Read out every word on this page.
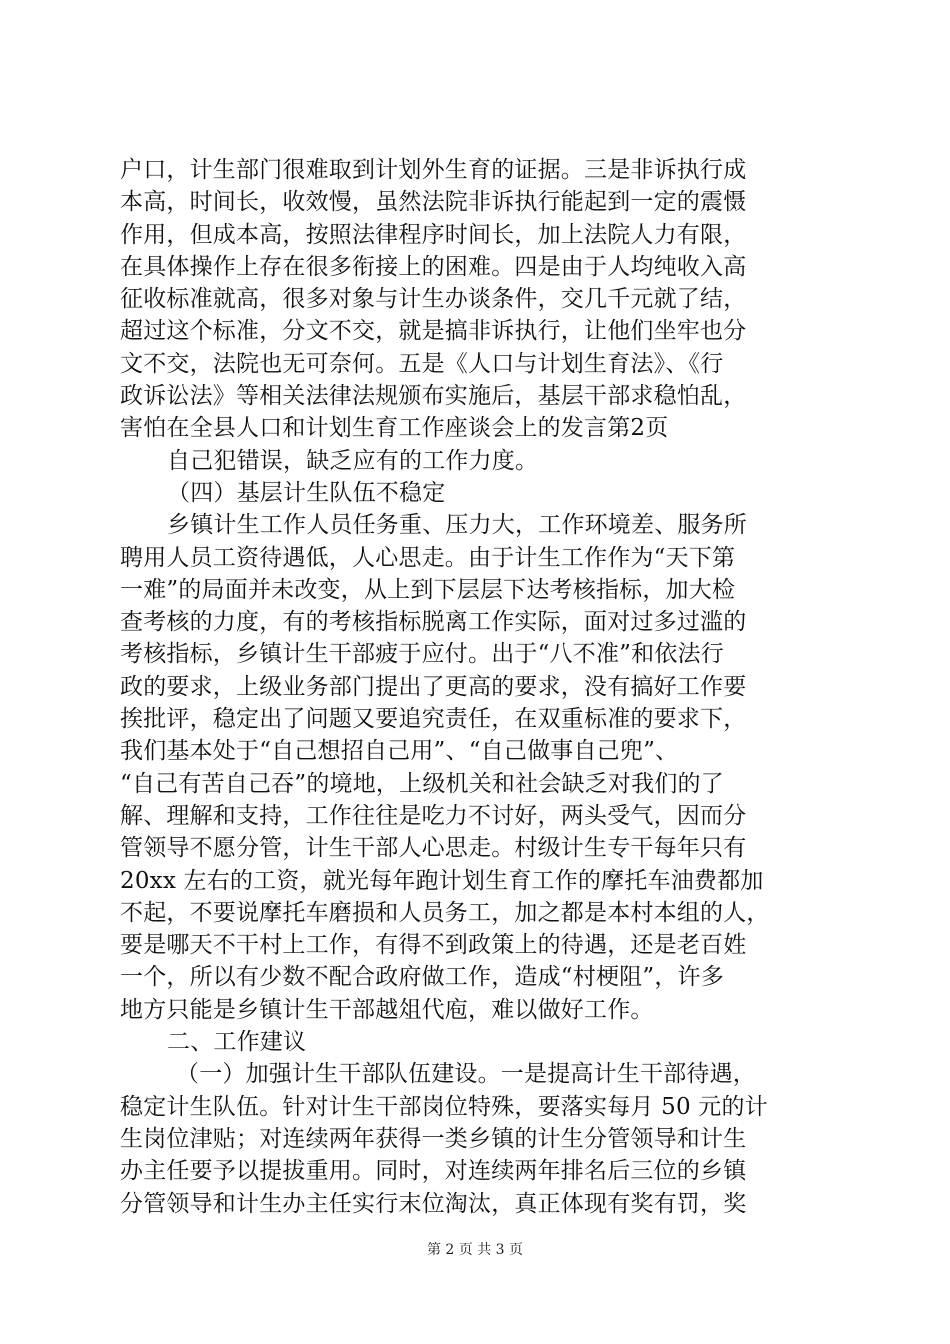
户口，计生部门很难取到计划外生育的证据。三是非诉执行成
本高，时间长，收效慢，虽然法院非诉执行能起到一定的震慑
作用，但成本高，按照法律程序时间长，加上法院人力有限，
在具体操作上存在很多衔接上的困难。四是由于人均纯收入高
征收标准就高，很多对象与计生办谈条件，交几千元就了结，
超过这个标准，分文不交，就是搞非诉执行，让他们坐牢也分
文不交，法院也无可奈何。五是《人口与计划生育法》、《行
政诉讼法》等相关法律法规颁布实施后，基层干部求稳怕乱，
害怕在全县人口和计划生育工作座谈会上的发言第2页
自己犯错误，缺乏应有的工作力度。
（四）基层计生队伍不稳定
乡镇计生工作人员任务重、压力大，工作环境差、服务所
聘用人员工资待遇低，人心思走。由于计生工作作为“天下第
一难”的局面并未改变，从上到下层层下达考核指标，加大检
查考核的力度，有的考核指标脱离工作实际，面对过多过滥的
考核指标，乡镇计生干部疲于应付。出于“八不准”和依法行
政的要求，上级业务部门提出了更高的要求，没有搞好工作要
挨批评，稳定出了问题又要追究责任，在双重标准的要求下，
我们基本处于“自己想招自己用”、“自己做事自己兜”、
“自己有苦自己吞”的境地，上级机关和社会缺乏对我们的了
解、理解和支持，工作往往是吃力不讨好，两头受气，因而分
管领导不愿分管，计生干部人心思走。村级计生专干每年只有
20xx 左右的工资，就光每年跑计划生育工作的摩托车油费都加
不起，不要说摩托车磨损和人员务工，加之都是本村本组的人，
要是哪天不干村上工作，有得不到政策上的待遇，还是老百姓
一个，所以有少数不配合政府做工作，造成“村梗阻”，许多
地方只能是乡镇计生干部越俎代庖，难以做好工作。
二、工作建议
（一）加强计生干部队伍建设。一是提高计生干部待遇，
稳定计生队伍。针对计生干部岗位特殊，要落实每月 50 元的计
生岗位津贴；对连续两年获得一类乡镇的计生分管领导和计生
办主任要予以提拔重用。同时，对连续两年排名后三位的乡镇
分管领导和计生办主任实行末位淘汰，真正体现有奖有罚，奖
第 2 页 共 3 页
